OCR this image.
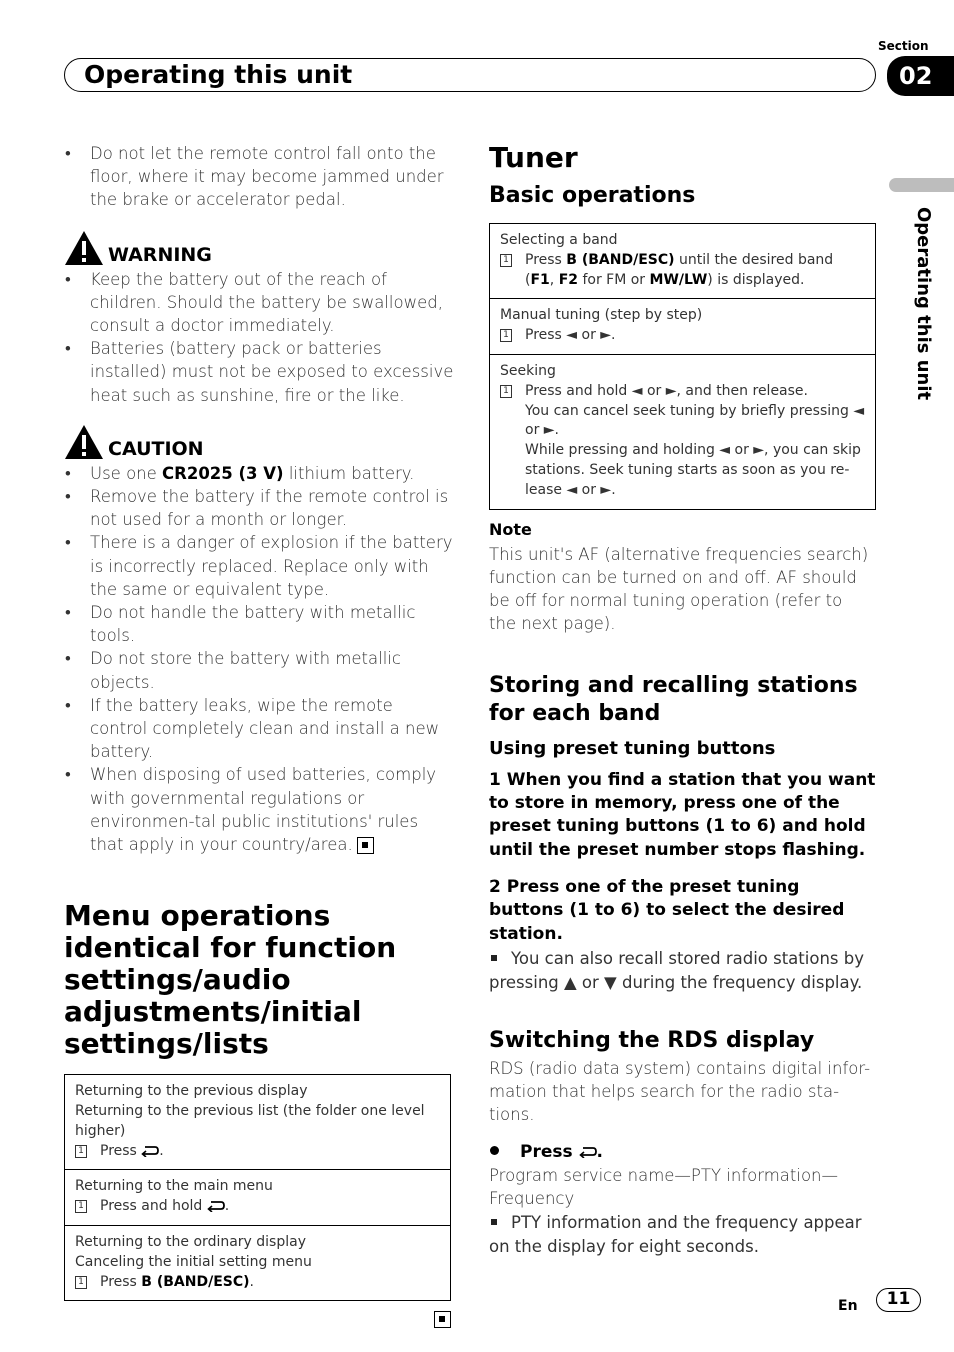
Section
Operating this unit	02
Operating this unit
• Do not let the remote control fall onto the floor, where it may become jammed under the brake or accelerator pedal.
WARNING
• Keep the battery out of the reach of children. Should the battery be swallowed, consult a doctor immediately.
• Batteries (battery pack or batteries installed) must not be exposed to excessive heat such as sunshine, fire or the like.
CAUTION
• Use one CR2025 (3 V) lithium battery.
• Remove the battery if the remote control is not used for a month or longer.
• There is a danger of explosion if the battery is incorrectly replaced. Replace only with the same or equivalent type.
• Do not handle the battery with metallic tools.
• Do not store the battery with metallic objects.
• If the battery leaks, wipe the remote control completely clean and install a new battery.
• When disposing of used batteries, comply with governmental regulations or environmen-tal public institutions' rules that apply in your country/area.
Menu operations identical for function settings/audio adjustments/initial settings/lists
Returning to the previous display
Returning to the previous list (the folder one level higher)
1 Press .
Returning to the main menu
1 Press and hold .
Returning to the ordinary display
Canceling the initial setting menu
1 Press B (BAND/ESC).
Tuner
Basic operations
Selecting a band
1 Press B (BAND/ESC) until the desired band (F1, F2 for FM or MW/LW) is displayed.
Manual tuning (step by step)
1 Press ◄ or ►.
Seeking
1 Press and hold ◄ or ►, and then release.
You can cancel seek tuning by briefly pressing ◄ or ►.
While pressing and holding ◄ or ►, you can skip stations. Seek tuning starts as soon as you re-lease ◄ or ►.
Note
This unit's AF (alternative frequencies search) function can be turned on and off. AF should be off for normal tuning operation (refer to the next page).
Storing and recalling stations for each band
Using preset tuning buttons
1 When you find a station that you want to store in memory, press one of the preset tuning buttons (1 to 6) and hold until the preset number stops flashing.
2 Press one of the preset tuning buttons (1 to 6) to select the desired station.
You can also recall stored radio stations by pressing ▲ or ▼ during the frequency display.
Switching the RDS display
RDS (radio data system) contains digital infor-mation that helps search for the radio sta-tions.
Press .
Program service name—PTY information—Frequency
PTY information and the frequency appear on the display for eight seconds.
En	11
